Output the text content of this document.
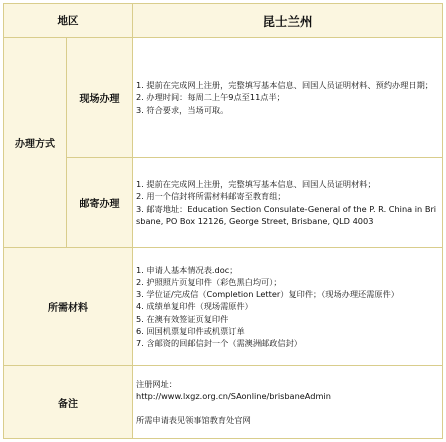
地区	昆士兰州
办理方式
现场办理
1. 提前在完成网上注册，完整填写基本信息、回国人员证明材料、预约办理日期；
2. 办理时间：每周二上午9点至11点半；
3. 符合要求，当场可取。
邮寄办理
1. 提前在完成网上注册，完整填写基本信息、回国人员证明材料；
2. 用一个信封将所需材料邮寄至教育组；
3. 邮寄地址：Education Section Consulate-General of the P. R. China in Brisbane, PO Box 12126, George Street, Brisbane, QLD 4003
所需材料
1. 申请人基本情况表.doc；
2. 护照照片页复印件（彩色黑白均可）；
3. 学位证/完成信（Completion Letter）复印件；（现场办理还需原件）
4. 成绩单复印件（现场需原件）
5. 在澳有效签证页复印件
6. 回国机票复印件或机票订单
7. 含邮资的回邮信封一个（需澳洲邮政信封）
备注
注册网址：
http://www.lxgz.org.cn/SAonline/brisbaneAdmin
所需申请表见领事馆教育处官网
